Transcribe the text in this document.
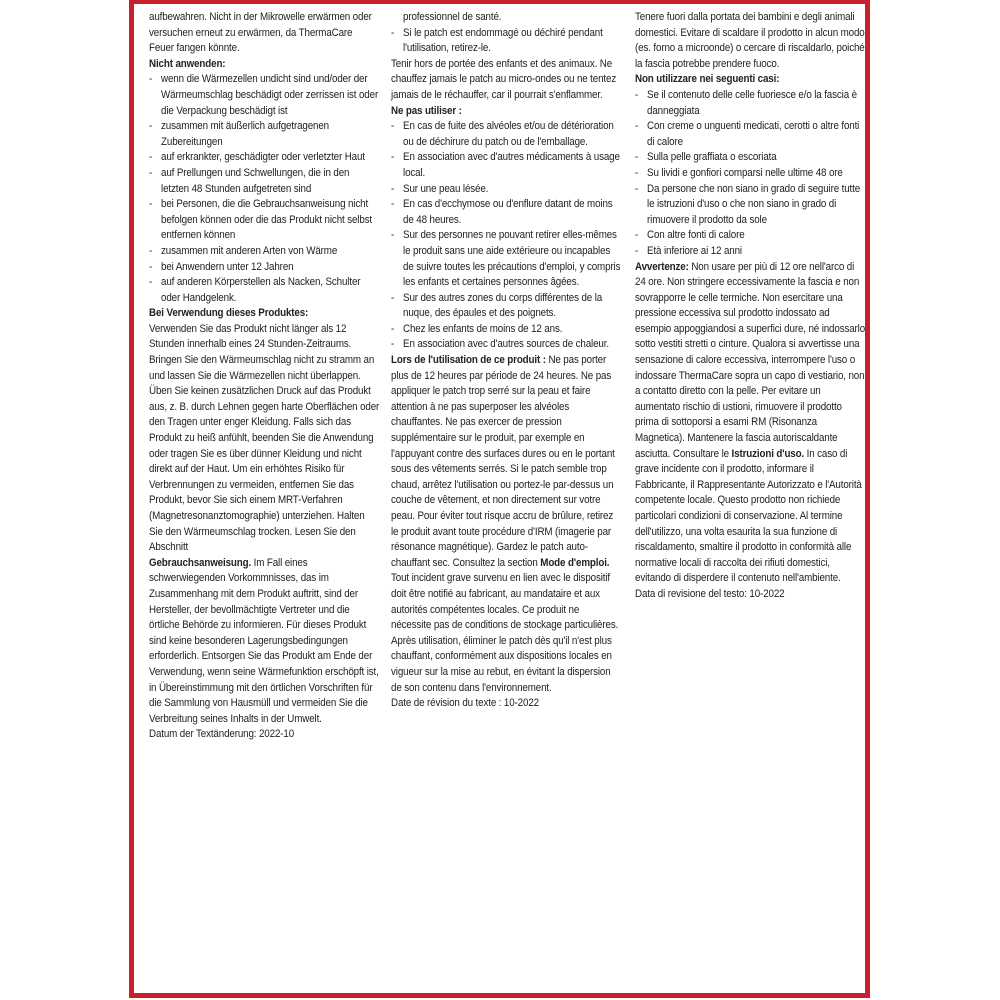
aufbewahren. Nicht in der Mikrowelle erwärmen oder versuchen erneut zu erwärmen, da ThermaCare Feuer fangen könnte.

Nicht anwenden:

- wenn die Wärmezellen undicht sind und/oder der Wärmeumschlag beschädigt oder zerrissen ist oder die Verpackung beschädigt ist
- zusammen mit äußerlich aufgetragenen Zubereitungen
- auf erkrankter, geschädigter oder verletzter Haut
- auf Prellungen und Schwellungen, die in den letzten 48 Stunden aufgetreten sind
- bei Personen, die die Gebrauchsanweisung nicht befolgen können oder die das Produkt nicht selbst entfernen können
- zusammen mit anderen Arten von Wärme
- bei Anwendern unter 12 Jahren
- auf anderen Körperstellen als Nacken, Schulter oder Handgelenk.

Bei Verwendung dieses Produktes:

Verwenden Sie das Produkt nicht länger als 12 Stunden innerhalb eines 24 Stunden-Zeitraums. Bringen Sie den Wärmeumschlag nicht zu stramm an und lassen Sie die Wärmezellen nicht überlappen. Üben Sie keinen zusätzlichen Druck auf das Produkt aus, z. B. durch Lehnen gegen harte Oberflächen oder den Tragen unter enger Kleidung. Falls sich das Produkt zu heiß anfühlt, beenden Sie die Anwendung oder tragen Sie es über dünner Kleidung und nicht direkt auf der Haut. Um ein erhöhtes Risiko für Verbrennungen zu vermeiden, entfernen Sie das Produkt, bevor Sie sich einem MRT-Verfahren (Magnetresonanztomographie) unterziehen. Halten Sie den Wärmeumschlag trocken. Lesen Sie den Abschnitt
Gebrauchsanweisung. Im Fall eines schwerwiegenden Vorkommnisses, das im Zusammenhang mit dem Produkt auftritt, sind der Hersteller, der bevollmächtigte Vertreter und die örtliche Behörde zu informieren. Für dieses Produkt sind keine besonderen Lagerungsbedingungen erforderlich. Entsorgen Sie das Produkt am Ende der Verwendung, wenn seine Wärmefunktion erschöpft ist, in Übereinstimmung mit den örtlichen Vorschriften für die Sammlung von Hausmüll und vermeiden Sie die Verbreitung seines Inhalts in der Umwelt.

Datum der Textänderung: 2022-10

professionnel de santé.

- Si le patch est endommagé ou déchiré pendant l'utilisation, retirez-le.

Tenir hors de portée des enfants et des animaux. Ne chauffez jamais le patch au micro-ondes ou ne tentez jamais de le réchauffer, car il pourrait s'enflammer.

Ne pas utiliser :

- En cas de fuite des alvéoles et/ou de détérioration ou de déchirure du patch ou de l'emballage.
- En association avec d'autres médicaments à usage local.
- Sur une peau lésée.
- En cas d'ecchymose ou d'enflure datant de moins de 48 heures.
- Sur des personnes ne pouvant retirer elles-mêmes le produit sans une aide extérieure ou incapables de suivre toutes les précautions d'emploi, y compris les enfants et certaines personnes âgées.
- Sur des autres zones du corps différentes de la nuque, des épaules et des poignets.
- Chez les enfants de moins de 12 ans.
- En association avec d'autres sources de chaleur.

Lors de l'utilisation de ce produit : Ne pas porter plus de 12 heures par période de 24 heures. Ne pas appliquer le patch trop serré sur la peau et faire attention à ne pas superposer les alvéoles chauffantes. Ne pas exercer de pression supplémentaire sur le produit, par exemple en l'appuyant contre des surfaces dures ou en le portant sous des vêtements serrés. Si le patch semble trop chaud, arrêtez l'utilisation ou portez-le par-dessus un couche de vêtement, et non directement sur votre peau. Pour éviter tout risque accru de brûlure, retirez le produit avant toute procédure d'IRM (imagerie par résonance magnétique). Gardez le patch auto-chauffant sec. Consultez la section Mode d'emploi. Tout incident grave survenu en lien avec le dispositif doit être notifié au fabricant, au mandataire et aux autorités compétentes locales. Ce produit ne nécessite pas de conditions de stockage particulières. Après utilisation, éliminer le patch dès qu'il n'est plus chauffant, conformément aux dispositions locales en vigueur sur la mise au rebut, en évitant la dispersion de son contenu dans l'environnement.

Date de révision du texte : 10-2022

Tenere fuori dalla portata dei bambini e degli animali domestici. Evitare di scaldare il prodotto in alcun modo (es. forno a microonde) o cercare di riscaldarlo, poiché la fascia potrebbe prendere fuoco.

Non utilizzare nei seguenti casi:

- Se il contenuto delle celle fuoriesce e/o la fascia è danneggiata
- Con creme o unguenti medicati, cerotti o altre fonti di calore
- Sulla pelle graffiata o escoriata
- Su lividi e gonfiori comparsi nelle ultime 48 ore
- Da persone che non siano in grado di seguire tutte le istruzioni d'uso o che non siano in grado di rimuovere il prodotto da sole
- Con altre fonti di calore
- Età inferiore ai 12 anni

Avvertenze: Non usare per più di 12 ore nell'arco di 24 ore. Non stringere eccessivamente la fascia e non sovrapporre le celle termiche. Non esercitare una pressione eccessiva sul prodotto indossato ad esempio appoggiandosi a superfici dure, né indossarlo sotto vestiti stretti o cinture. Qualora si avvertisse una sensazione di calore eccessiva, interrompere l'uso o indossare ThermaCare sopra un capo di vestiario, non a contatto diretto con la pelle. Per evitare un aumentato rischio di ustioni, rimuovere il prodotto prima di sottoporsi a esami RM (Risonanza Magnetica). Mantenere la fascia autoriscaldante asciutta. Consultare le Istruzioni d'uso. In caso di grave incidente con il prodotto, informare il Fabbricante, il Rappresentante Autorizzato e l'Autorità competente locale. Questo prodotto non richiede particolari condizioni di conservazione. Al termine dell'utilizzo, una volta esaurita la sua funzione di riscaldamento, smaltire il prodotto in conformità alle normative locali di raccolta dei rifiuti domestici, evitando di disperdere il contenuto nell'ambiente.

Data di revisione del testo: 10-2022
